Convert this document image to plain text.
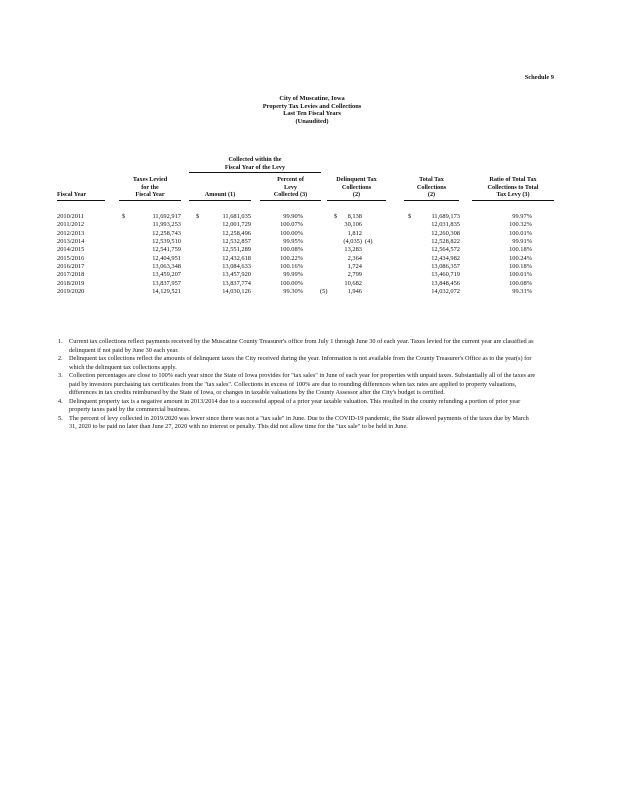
Schedule 9
City of Muscatine, Iowa
Property Tax Levies and Collections
Last Ten Fiscal Years
(Unaudited)
Collected within the
Fiscal Year of the Levy

Fiscal Year
Taxes Levied
for the
Fiscal Year

	Amount (1)
Percent of
Levy
Collected (3)
Delinquent Tax
Collections
(2)
Total Tax
Collections
(2)
Ratio of Total Tax
Collections to Total
Tax Levy (3)
2010/2011	11,692,917	11,681,035	99.90%	8,138	11,689,173	99.97%
$	$	$	$
2011/2012	11,993,253	12,001,729	100.07%	30,106	12,031,835	100.32%
2012/2013	12,258,743	12,258,496	100.00%	1,812	12,260,308	100.01%
2013/2014	12,539,510	12,532,857	99.95%	(4,035) (4)	12,528,822	99.91%
2014/2015	12,541,759	12,551,289	100.08%	13,283	12,564,572	100.18%
2015/2016	12,404,951	12,432,618	100.22%	2,364	12,434,982	100.24%
2016/2017	13,063,348	13,084,633	100.16%	1,724	13,086,357	100.18%
2017/2018	13,459,207	13,457,920	99.99%	2,799	13,460,719	100.01%
2018/2019	13,837,957	13,837,774	100.00%	10,682	13,848,456	100.08%
2019/2020	14,129,521	14,030,126	99.30%	(5)	1,946	14,032,072	99.31%
1. Current tax collections reflect payments received by the Muscatine County Treasurer's office from July 1 through June 30 of each year. Taxes levied for the current year are classified as delinquent if not paid by June 30 each year.
2. Delinquent tax collections reflect the amounts of delinquent taxes the City received during the year. Information is not available from the County Treasurer's Office as to the year(s) for which the delinquent tax collections apply.
3. Collection percentages are close to 100% each year since the State of Iowa provides for "tax sales" in June of each year for properties with unpaid taxes. Substantially all of the taxes are paid by investors purchasing tax certificates from the "tax sales". Collections in excess of 100% are due to rounding differences when tax rates are applied to property valuations, differences in tax credits reimbursed by the State of Iowa, or changes in taxable valuations by the County Assessor after the City's budget is certified.
4. Delinquent property tax is a negative amount in 2013/2014 due to a successful appeal of a prior year taxable valuation. This resulted in the county refunding a portion of prior year property taxes paid by the commercial business.
5. The percent of levy collected in 2019/2020 was lower since there was not a "tax sale" in June. Due to the COVID-19 pandemic, the State allowed payments of the taxes due by March 31, 2020 to be paid no later than June 27, 2020 with no interest or penalty. This did not allow time for the "tax sale" to be held in June.
